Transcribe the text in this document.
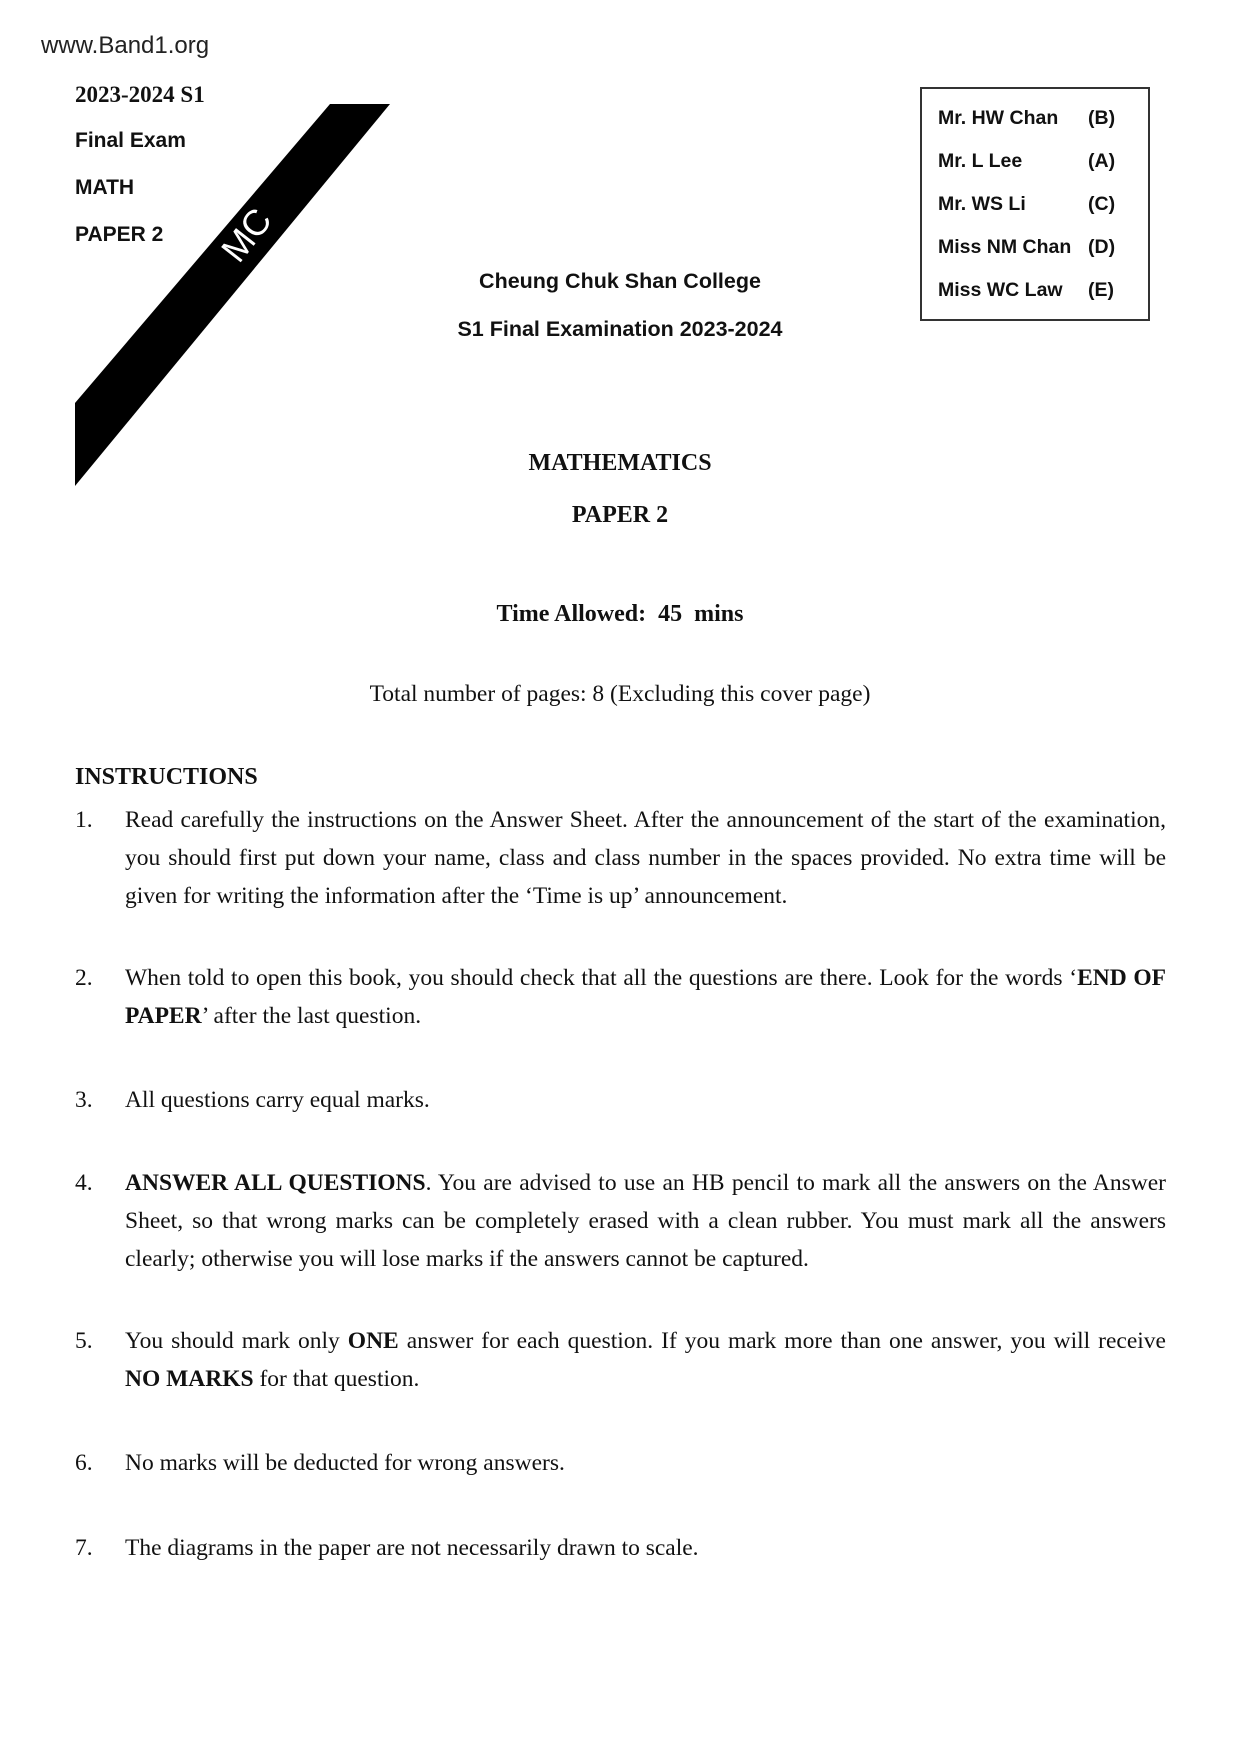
www.Band1.org
MC
2023-2024 S1
Final Exam
MATH
PAPER 2
Mr. HW Chan (B)
Mr. L Lee	(A)
Mr. WS Li	(C)
Miss NM Chan (D)
Miss WC Law (E)
Cheung Chuk Shan College
S1 Final Examination 2023-2024
MATHEMATICS
PAPER 2
Time Allowed:  45  mins
Total number of pages: 8 (Excluding this cover page)
INSTRUCTIONS
1. Read carefully the instructions on the Answer Sheet. After the announcement of the start of the examination, you should first put down your name, class and class number in the spaces provided. No extra time will be given for writing the information after the ‘Time is up’ announcement.
2. When told to open this book, you should check that all the questions are there. Look for the words ‘END OF PAPER’ after the last question.
3. All questions carry equal marks.
4. ANSWER ALL QUESTIONS. You are advised to use an HB pencil to mark all the answers on the Answer Sheet, so that wrong marks can be completely erased with a clean rubber. You must mark all the answers clearly; otherwise you will lose marks if the answers cannot be captured.
5. You should mark only ONE answer for each question. If you mark more than one answer, you will receive NO MARKS for that question.
6. No marks will be deducted for wrong answers.
7. The diagrams in the paper are not necessarily drawn to scale.
